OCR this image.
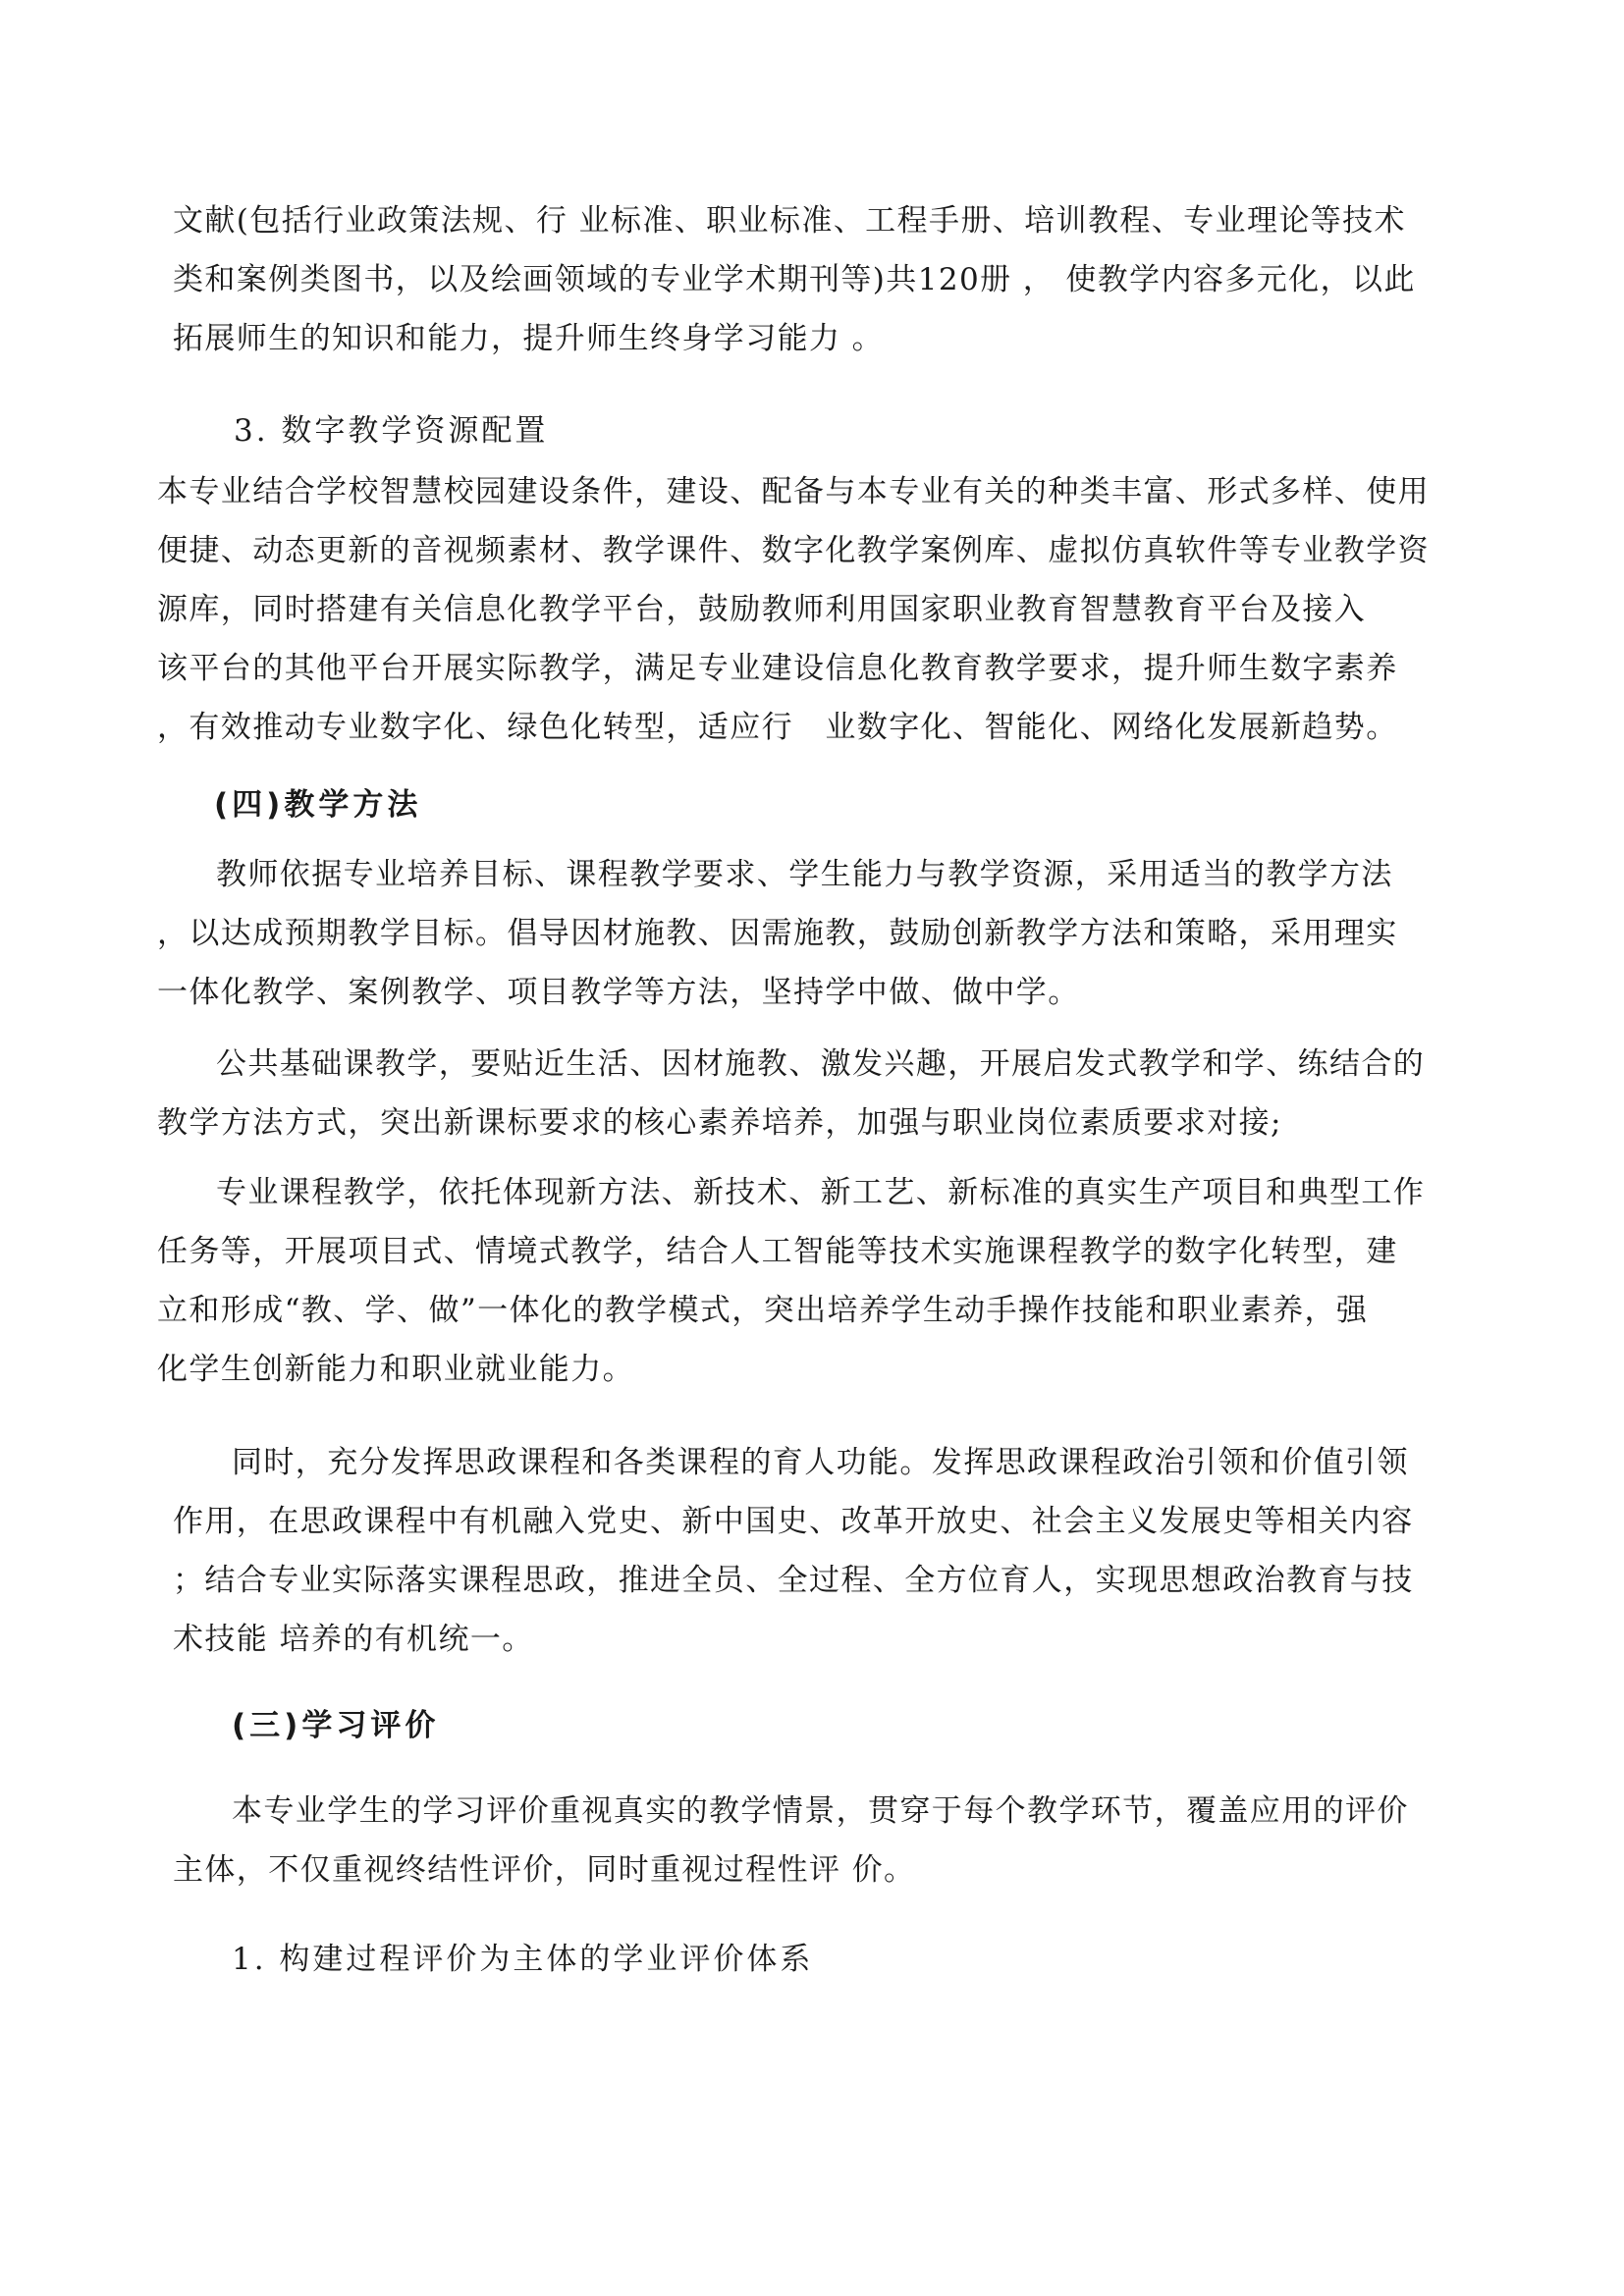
文献(包括行业政策法规、行 业标准、职业标准、工程手册、培训教程、专业理论等技术
类和案例类图书，以及绘画领域的专业学术期刊等)共120册 ， 使教学内容多元化，以此
拓展师生的知识和能力，提升师生终身学习能力 。
3. 数字教学资源配置
本专业结合学校智慧校园建设条件，建设、配备与本专业有关的种类丰富、形式多样、使用
便捷、动态更新的音视频素材、教学课件、数字化教学案例库、虚拟仿真软件等专业教学资
源库，同时搭建有关信息化教学平台，鼓励教师利用国家职业教育智慧教育平台及接入
该平台的其他平台开展实际教学，满足专业建设信息化教育教学要求，提升师生数字素养
，有效推动专业数字化、绿色化转型，适应行　业数字化、智能化、网络化发展新趋势。
(四)教学方法
教师依据专业培养目标、课程教学要求、学生能力与教学资源，采用适当的教学方法
，以达成预期教学目标。倡导因材施教、因需施教，鼓励创新教学方法和策略，采用理实
一体化教学、案例教学、项目教学等方法，坚持学中做、做中学。
公共基础课教学，要贴近生活、因材施教、激发兴趣，开展启发式教学和学、练结合的
教学方法方式，突出新课标要求的核心素养培养，加强与职业岗位素质要求对接;
专业课程教学，依托体现新方法、新技术、新工艺、新标准的真实生产项目和典型工作
任务等，开展项目式、情境式教学，结合人工智能等技术实施课程教学的数字化转型，建
立和形成“教、学、做”一体化的教学模式，突出培养学生动手操作技能和职业素养，强
化学生创新能力和职业就业能力。
同时，充分发挥思政课程和各类课程的育人功能。发挥思政课程政治引领和价值引领
作用，在思政课程中有机融入党史、新中国史、改革开放史、社会主义发展史等相关内容
；结合专业实际落实课程思政，推进全员、全过程、全方位育人，实现思想政治教育与技
术技能 培养的有机统一。
(三)学习评价
本专业学生的学习评价重视真实的教学情景，贯穿于每个教学环节，覆盖应用的评价
主体，不仅重视终结性评价，同时重视过程性评 价。
1. 构建过程评价为主体的学业评价体系
